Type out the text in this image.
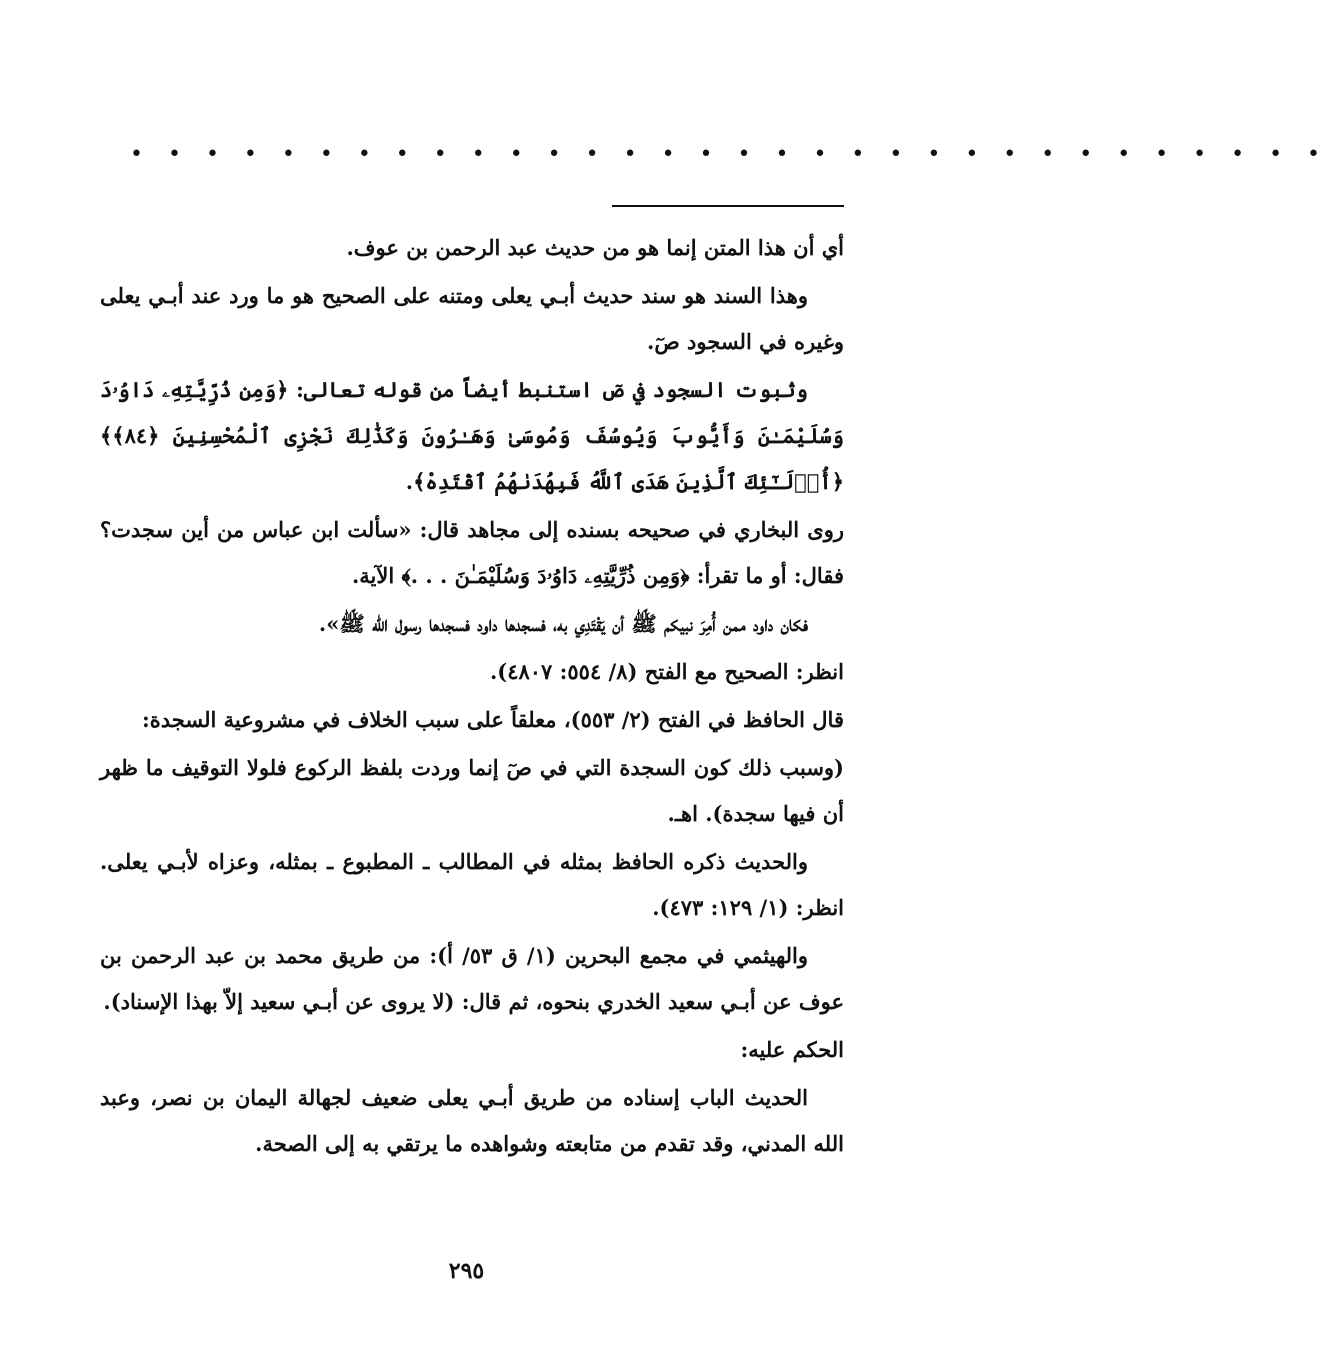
• • • • • • • • • • • • • • • • • • • • • • • • • • • • • • • •

أي أن هذا المتن إنما هو من حديث عبد الرحمن بن عوف.

وهذا السند هو سند حديث أبـي يعلى ومتنه على الصحيح هو ما ورد عند أبـي يعلى وغيره في السجود صٓ.

وثبوت السجود في صٓ استنبط أيضاً من قوله تعالى: ﴿وَمِن ذُرِّيَّتِهِۦ دَاوُۥدَ وَسُلَيْمَـٰنَ وَأَيُّوبَ وَيُوسُفَ وَمُوسَىٰ وَهَـٰرُونَ وَكَذَٰلِكَ نَجْزِى ٱلْمُحْسِنِينَ ﴿٨٤﴾﴾ ﴿أُو۟لَـٰٓئِكَ ٱلَّذِينَ هَدَى ٱللَّهُ فَبِهُدَىٰهُمُ ٱقْتَدِهْ﴾.

روى البخاري في صحيحه بسنده إلى مجاهد قال: «سألت ابن عباس من أين سجدت؟ فقال: أو ما تقرأ: ﴿وَمِن ذُرِّيَّتِهِۦ دَاوُۥدَ وَسُلَيْمَـٰنَ . . .﴾ الآية.

فكان داود ممن أُمِرَ نبيكم ﷺ أن يَقْتَدِي به، فسجدها داود فسجدها رسول الله ﷺ».

انظر: الصحيح مع الفتح (٨/ ٥٥٤: ٤٨٠٧).

قال الحافظ في الفتح (٢/ ٥٥٣)، معلقاً على سبب الخلاف في مشروعية السجدة:

(وسبب ذلك كون السجدة التي في صٓ إنما وردت بلفظ الركوع فلولا التوقيف ما ظهر أن فيها سجدة). اهـ.

والحديث ذكره الحافظ بمثله في المطالب ـ المطبوع ـ بمثله، وعزاه لأبـي يعلى. انظر: (١/ ١٢٩: ٤٧٣).

والهيثمي في مجمع البحرين (١/ ق ٥٣/ أ): من طريق محمد بن عبد الرحمن بن عوف عن أبـي سعيد الخدري بنحوه، ثم قال: (لا يروى عن أبـي سعيد إلاّ بهذا الإسناد).

الحكم عليه:

الحديث الباب إسناده من طريق أبـي يعلى ضعيف لجهالة اليمان بن نصر، وعبد الله المدني، وقد تقدم من متابعته وشواهده ما يرتقي به إلى الصحة.

٢٩٥
